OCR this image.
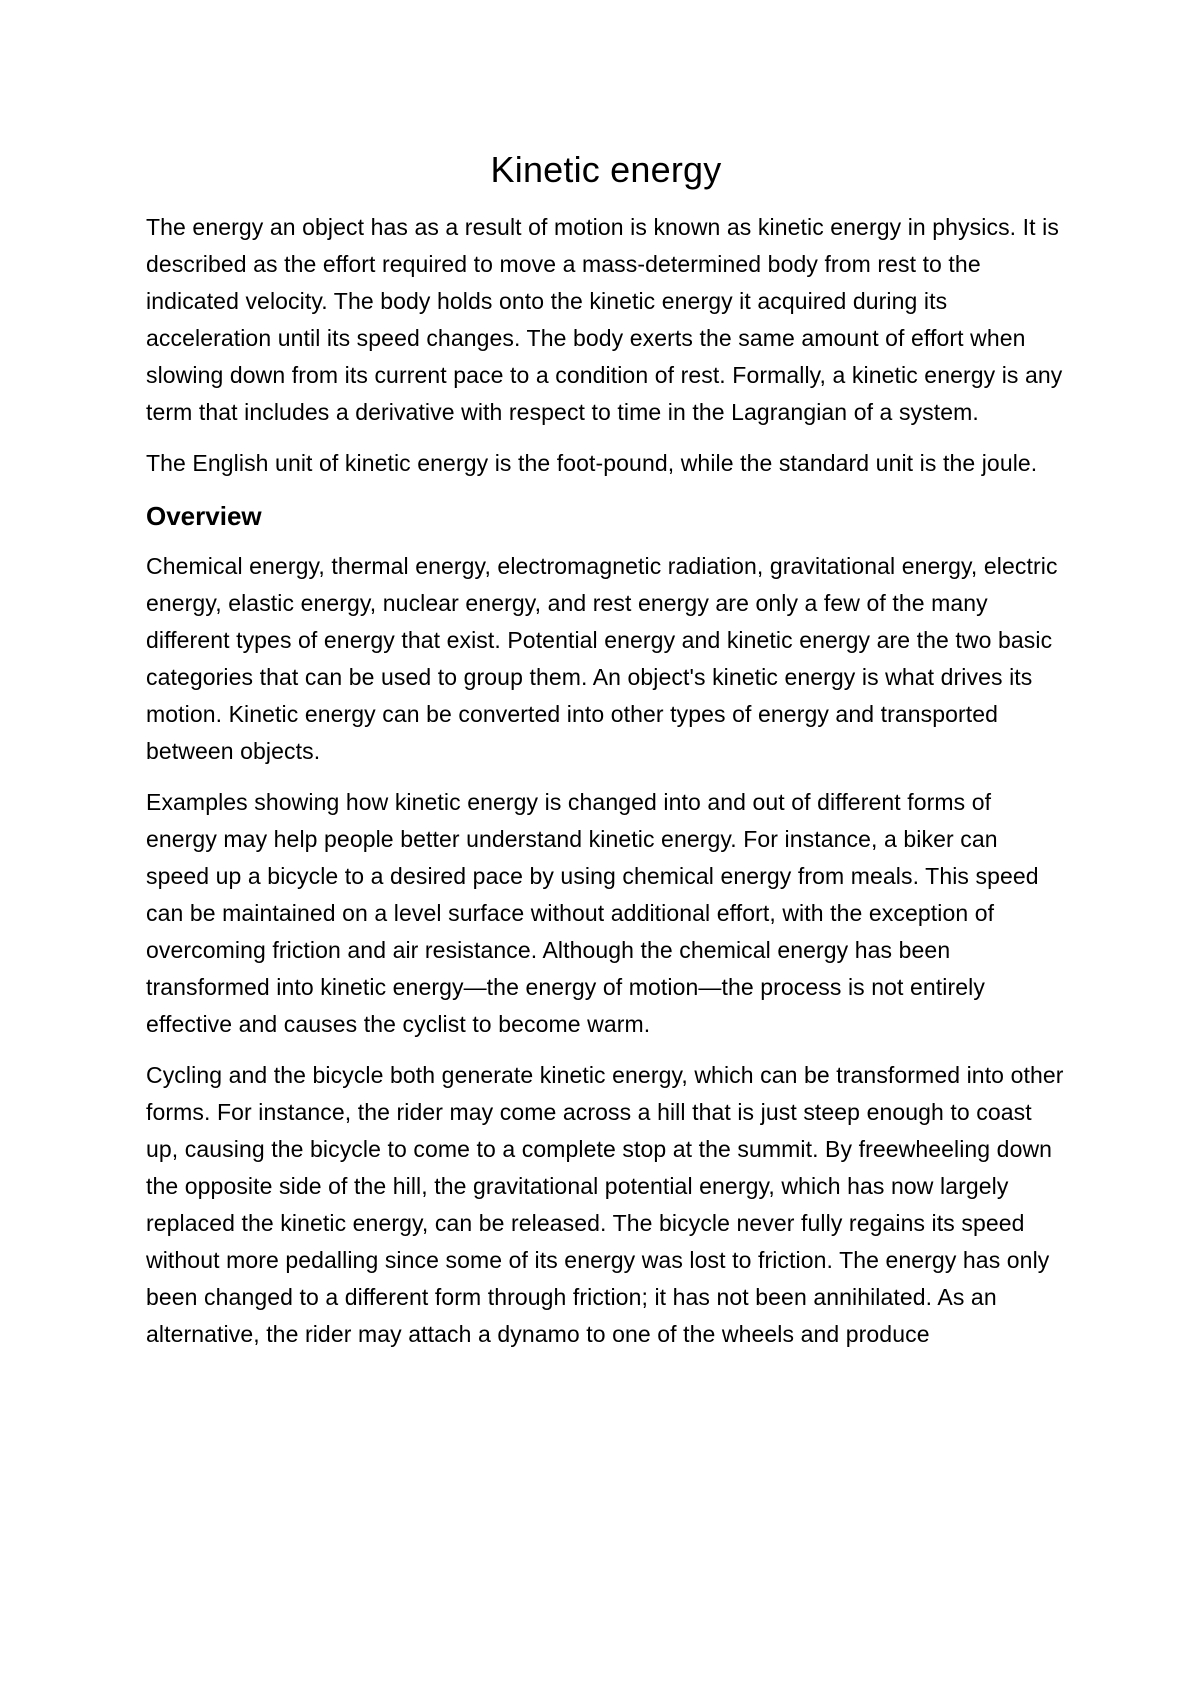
Kinetic energy

The energy an object has as a result of motion is known as kinetic energy in physics. It is described as the effort required to move a mass-determined body from rest to the indicated velocity. The body holds onto the kinetic energy it acquired during its acceleration until its speed changes. The body exerts the same amount of effort when slowing down from its current pace to a condition of rest. Formally, a kinetic energy is any term that includes a derivative with respect to time in the Lagrangian of a system.

The English unit of kinetic energy is the foot-pound, while the standard unit is the joule.

Overview

Chemical energy, thermal energy, electromagnetic radiation, gravitational energy, electric energy, elastic energy, nuclear energy, and rest energy are only a few of the many different types of energy that exist. Potential energy and kinetic energy are the two basic categories that can be used to group them. An object's kinetic energy is what drives its motion. Kinetic energy can be converted into other types of energy and transported between objects.

Examples showing how kinetic energy is changed into and out of different forms of energy may help people better understand kinetic energy. For instance, a biker can speed up a bicycle to a desired pace by using chemical energy from meals. This speed can be maintained on a level surface without additional effort, with the exception of overcoming friction and air resistance. Although the chemical energy has been transformed into kinetic energy—the energy of motion—the process is not entirely effective and causes the cyclist to become warm.

Cycling and the bicycle both generate kinetic energy, which can be transformed into other forms. For instance, the rider may come across a hill that is just steep enough to coast up, causing the bicycle to come to a complete stop at the summit. By freewheeling down the opposite side of the hill, the gravitational potential energy, which has now largely replaced the kinetic energy, can be released. The bicycle never fully regains its speed without more pedalling since some of its energy was lost to friction. The energy has only been changed to a different form through friction; it has not been annihilated. As an alternative, the rider may attach a dynamo to one of the wheels and produce
